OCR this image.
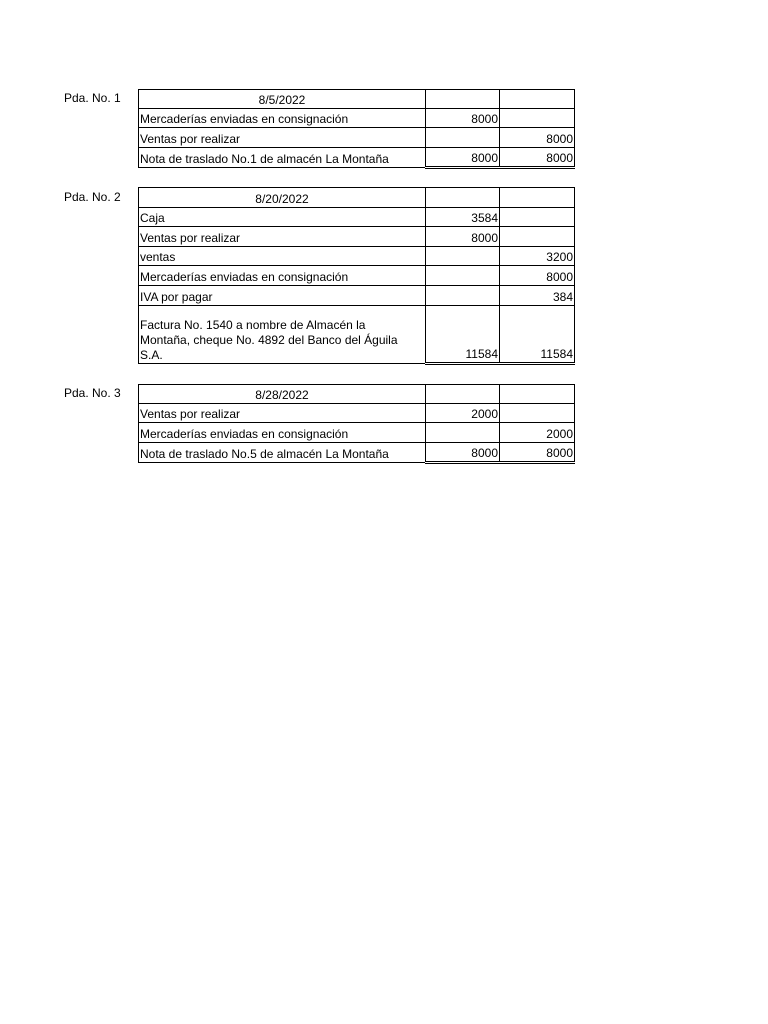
Pda. No. 1	8/5/2022		
Mercaderías enviadas en consignación	8000	
Ventas por realizar		8000
Nota de traslado No.1 de almacén La Montaña	8000	8000
Pda. No. 2	8/20/2022		
Caja	3584	
Ventas por realizar	8000	
ventas		3200
Mercaderías enviadas en consignación		8000
IVA por pagar		384

Factura No. 1540 a nombre de Almacén la
Montaña, cheque No. 4892 del Banco del Águila
S.A.	11584	11584
Pda. No. 3	8/28/2022		
Ventas por realizar	2000	
Mercaderías enviadas en consignación		2000
Nota de traslado No.5 de almacén La Montaña	8000	8000
